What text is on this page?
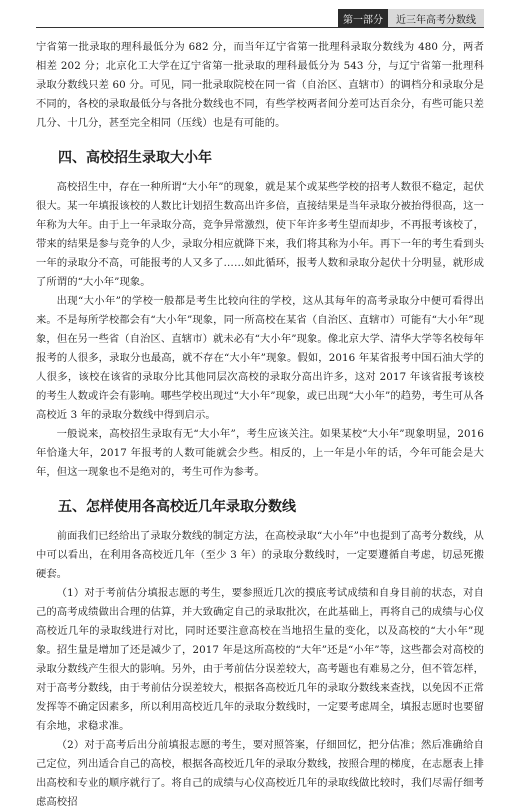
第一部分	近三年高考分数线

宁省第一批录取的理科最低分为 682 分，而当年辽宁省第一批理科录取分数线为 480 分，两者相差 202 分；北京化工大学在辽宁省第一批录取的理科最低分为 543 分，与辽宁省第一批理科录取分数线只差 60 分。可见，同一批录取院校在同一省（自治区、直辖市）的调档分和录取分是不同的，各校的录取最低分与各批分数线也不同，有些学校两者间分差可达百余分，有些可能只差几分、十几分，甚至完全相同（压线）也是有可能的。

四、高校招生录取大小年

高校招生中，存在一种所谓“大小年”的现象，就是某个或某些学校的招考人数很不稳定，起伏很大。某一年填报该校的人数比计划招生数高出许多倍，直接结果是当年录取分被抬得很高，这一年称为大年。由于上一年录取分高，竞争异常激烈，使下年许多考生望而却步，不再报考该校了，带来的结果是参与竞争的人少，录取分相应就降下来，我们将其称为小年。再下一年的考生看到头一年的录取分不高，可能报考的人又多了……如此循环，报考人数和录取分起伏十分明显，就形成了所谓的“大小年”现象。

出现“大小年”的学校一般都是考生比较向往的学校，这从其每年的高考录取分中便可看得出来。不是每所学校都会有“大小年”现象，同一所高校在某省（自治区、直辖市）可能有“大小年”现象，但在另一些省（自治区、直辖市）就未必有“大小年”现象。像北京大学、清华大学等名校每年报考的人很多，录取分也最高，就不存在“大小年”现象。假如，2016 年某省报考中国石油大学的人很多，该校在该省的录取分比其他同层次高校的录取分高出许多，这对 2017 年该省报考该校的考生人数或许会有影响。哪些学校出现过“大小年”现象，或已出现“大小年”的趋势，考生可从各高校近 3 年的录取分数线中得到启示。

一般说来，高校招生录取有无“大小年”，考生应该关注。如果某校“大小年”现象明显，2016 年恰逢大年，2017 年报考的人数可能就会少些。相反的，上一年是小年的话，今年可能会是大年，但这一现象也不是绝对的，考生可作为参考。

五、怎样使用各高校近几年录取分数线

前面我们已经给出了录取分数线的制定方法，在高校录取“大小年”中也提到了高考分数线，从中可以看出，在利用各高校近几年（至少 3 年）的录取分数线时，一定要遵循自考虑，切忌死搬硬套。

（1）对于考前估分填报志愿的考生，要参照近几次的摸底考试成绩和自身目前的状态，对自己的高考成绩做出合理的估算，并大致确定自己的录取批次，在此基础上，再将自己的成绩与心仪高校近几年的录取线进行对比，同时还要注意高校在当地招生量的变化，以及高校的“大小年”现象。招生量是增加了还是减少了，2017 年是这所高校的“大年”还是“小年”等，这些都会对高校的录取分数线产生很大的影响。另外，由于考前估分误差较大，高考题也有难易之分，但不管怎样，对于高考分数线，由于考前估分误差较大，根据各高校近几年的录取分数线来查找，以免因不正常发挥等不确定因素多，所以利用高校近几年的录取分数线时，一定要考虑周全，填报志愿时也要留有余地，求稳求准。

（2）对于高考后出分前填报志愿的考生，要对照答案，仔细回忆，把分估准；然后准确给自己定位，列出适合自己的高校，根据各高校近几年的录取分数线，按照合理的梯度，在志愿表上排出高校和专业的顺序就行了。将自己的成绩与心仪高校近几年的录取线做比较时，我们尽需仔细考虑高校招
